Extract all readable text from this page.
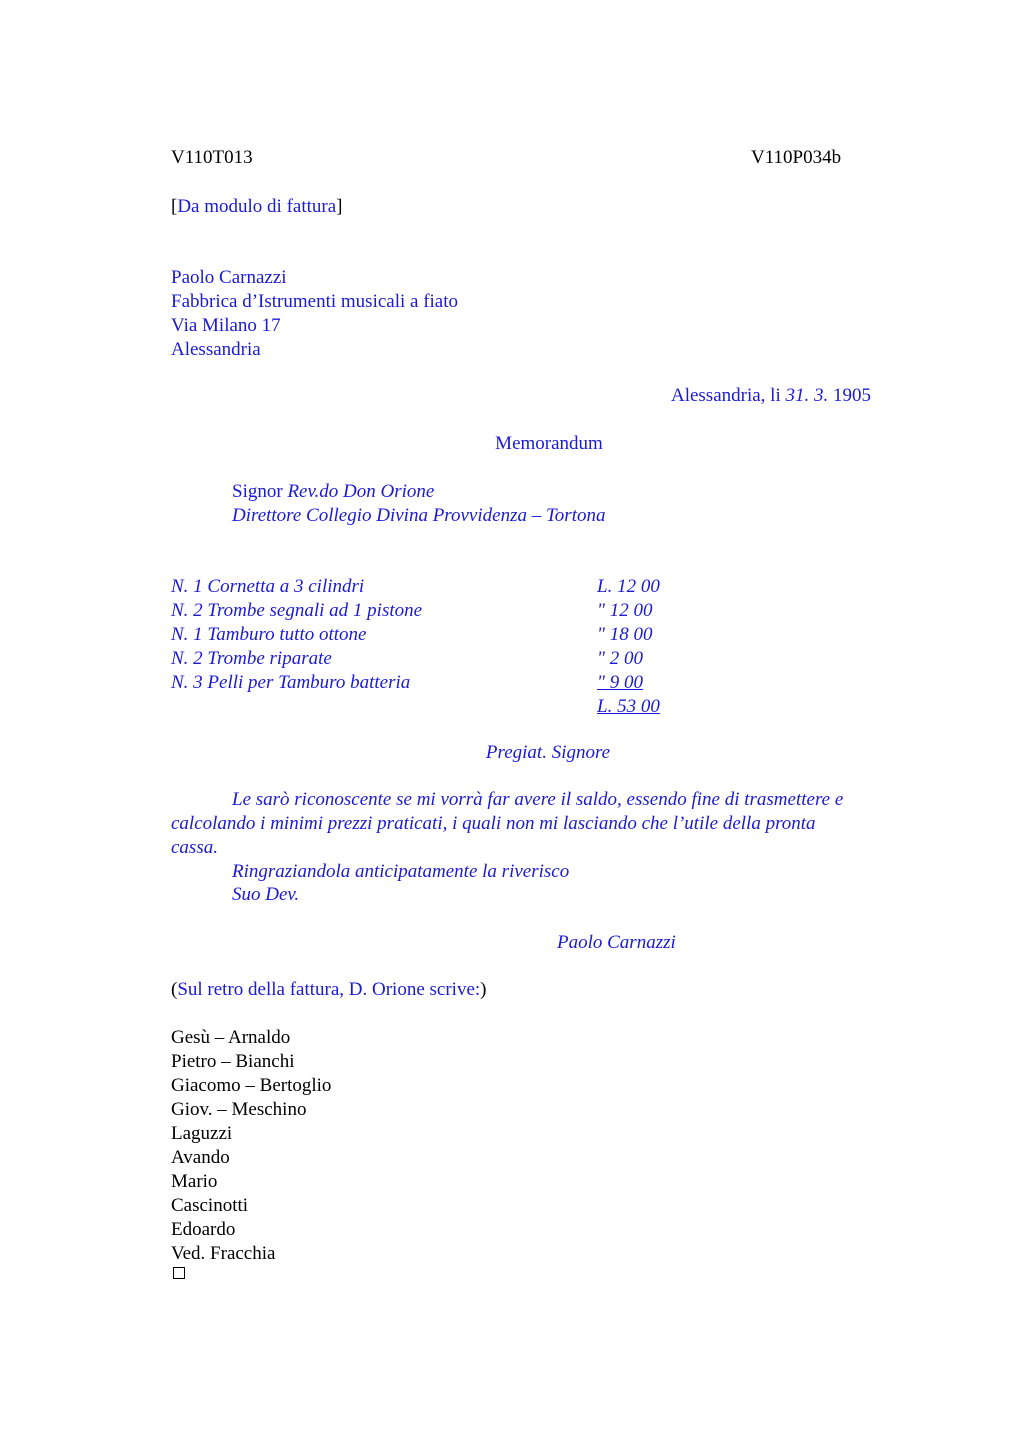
V110T013	V110P034b
[Da modulo di fattura]
Paolo Carnazzi
Fabbrica d’Istrumenti musicali a fiato
Via Milano 17
Alessandria
Alessandria, li 31. 3. 1905
Memorandum
Signor Rev.do Don Orione
Direttore Collegio Divina Provvidenza – Tortona
N. 1 Cornetta a 3 cilindri	L. 12 00
N. 2 Trombe segnali ad 1 pistone	" 12 00
N. 1 Tamburo tutto ottone	" 18 00
N. 2 Trombe riparate	" 2 00
N. 3 Pelli per Tamburo batteria	" 9 00
L. 53 00
Pregiat. Signore
Le sarò riconoscente se mi vorrà far avere il saldo, essendo fine di trasmettere e
calcolando i minimi prezzi praticati, i quali non mi lasciando che l’utile della pronta
cassa.
Ringraziandola anticipatamente la riverisco
Suo Dev.
Paolo Carnazzi
(Sul retro della fattura, D. Orione scrive:)
Gesù – Arnaldo
Pietro – Bianchi
Giacomo – Bertoglio
Giov. – Meschino
Laguzzi
Avando
Mario
Cascinotti
Edoardo
Ved. Fracchia
